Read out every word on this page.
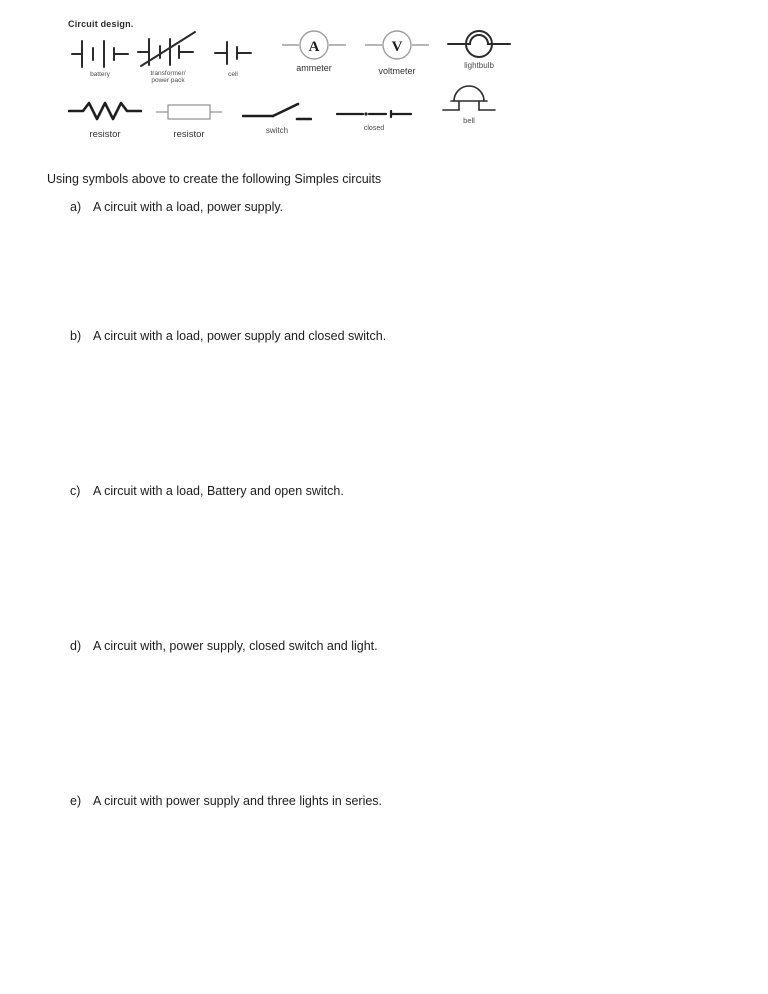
Circuit design.
battery	transformer/
power pack
cell
A
ammeter
V
voltmeter
lightbulb
resistor	resistor	switch	closed
bell
Using symbols above to create the following Simples circuits
a) A circuit with a load, power supply.
b) A circuit with a load, power supply and closed switch.
c)	A circuit with a load, Battery and open switch.
d) A circuit with, power supply, closed switch and light.
e) A circuit with power supply and three lights in series.
